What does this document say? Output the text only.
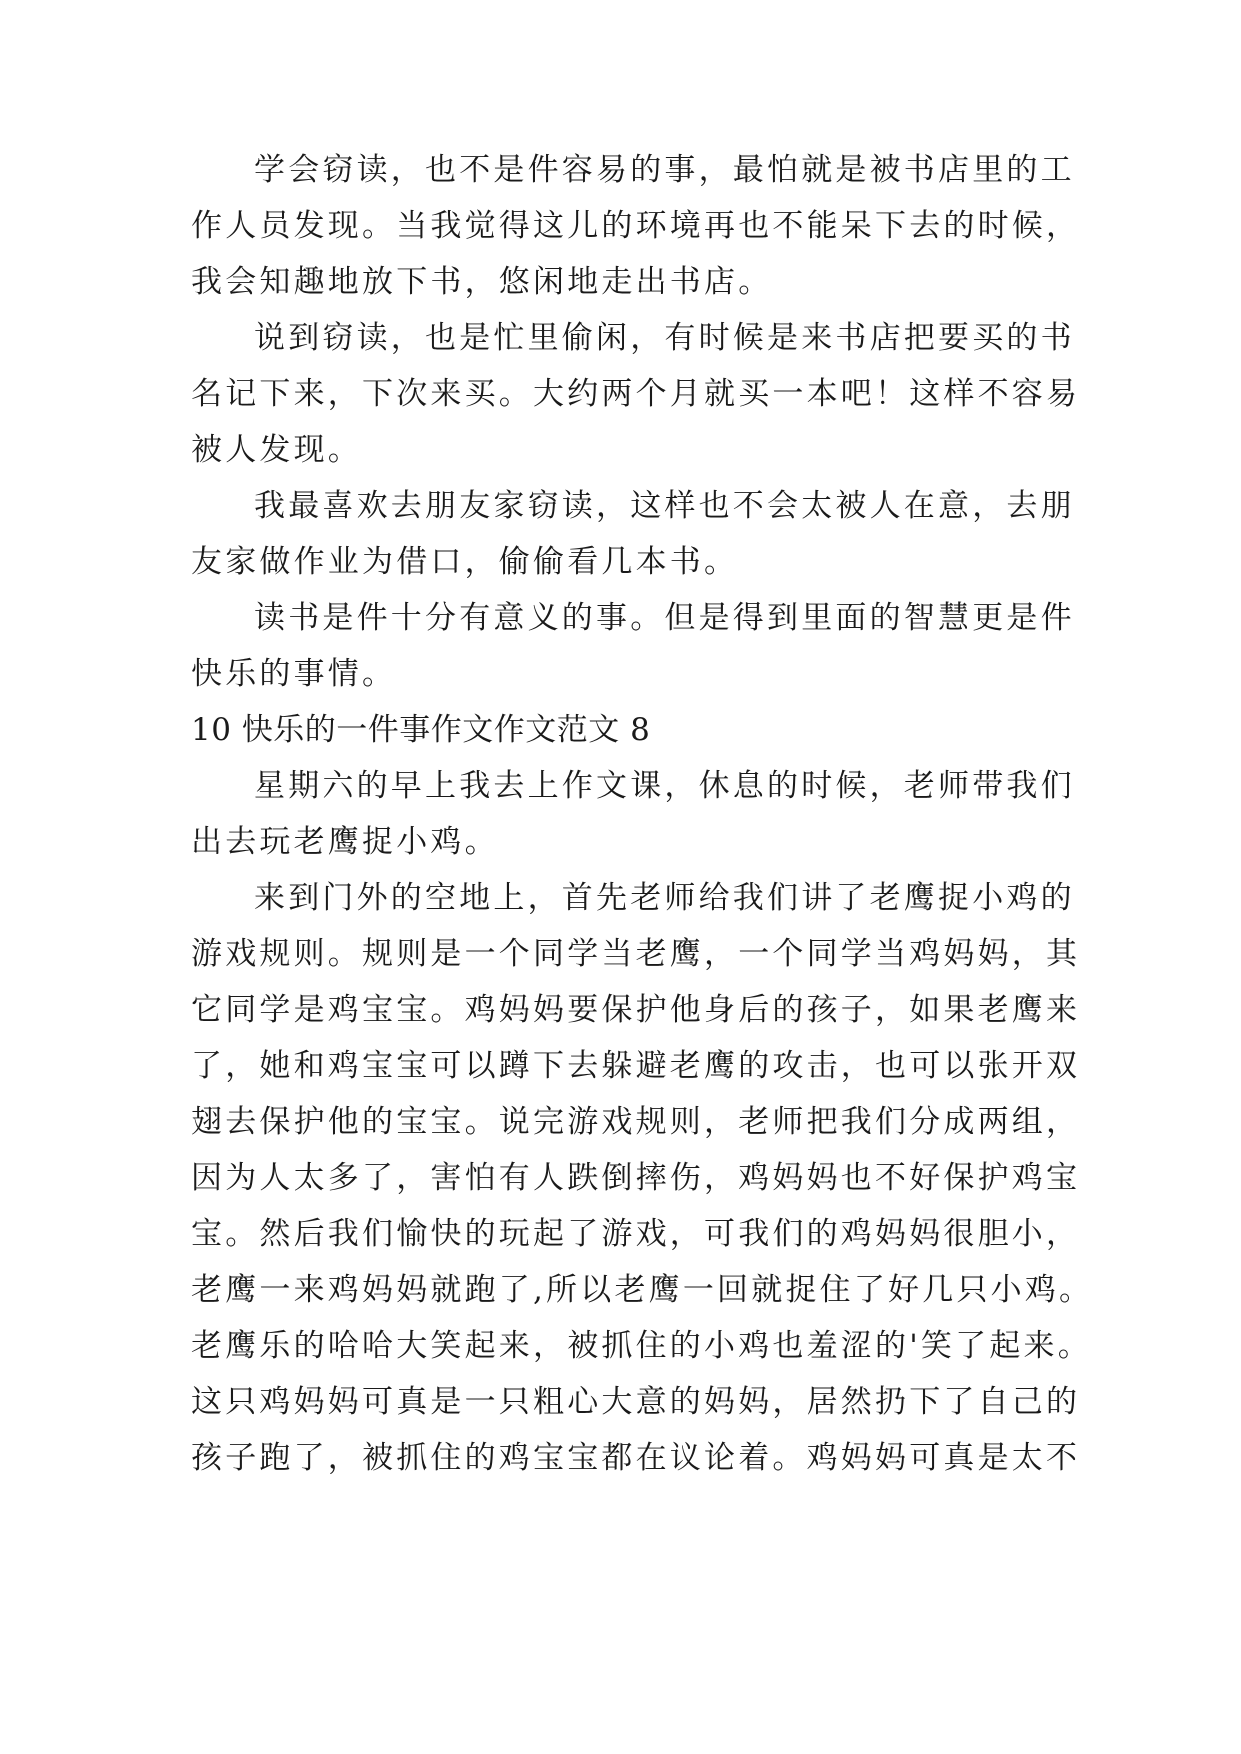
学会窃读，也不是件容易的事，最怕就是被书店里的工
作人员发现。当我觉得这儿的环境再也不能呆下去的时候，
我会知趣地放下书，悠闲地走出书店。
说到窃读，也是忙里偷闲，有时候是来书店把要买的书
名记下来，下次来买。大约两个月就买一本吧！这样不容易
被人发现。
我最喜欢去朋友家窃读，这样也不会太被人在意，去朋
友家做作业为借口，偷偷看几本书。
读书是件十分有意义的事。但是得到里面的智慧更是件
快乐的事情。
10 快乐的一件事作文作文范文 8
星期六的早上我去上作文课，休息的时候，老师带我们
出去玩老鹰捉小鸡。
来到门外的空地上，首先老师给我们讲了老鹰捉小鸡的
游戏规则。规则是一个同学当老鹰，一个同学当鸡妈妈，其
它同学是鸡宝宝。鸡妈妈要保护他身后的孩子，如果老鹰来
了，她和鸡宝宝可以蹲下去躲避老鹰的攻击，也可以张开双
翅去保护他的宝宝。说完游戏规则，老师把我们分成两组，
因为人太多了，害怕有人跌倒摔伤，鸡妈妈也不好保护鸡宝
宝。然后我们愉快的玩起了游戏，可我们的鸡妈妈很胆小，
老鹰一来鸡妈妈就跑了,所以老鹰一回就捉住了好几只小鸡。
老鹰乐的哈哈大笑起来，被抓住的小鸡也羞涩的'笑了起来。
这只鸡妈妈可真是一只粗心大意的妈妈，居然扔下了自己的
孩子跑了，被抓住的鸡宝宝都在议论着。鸡妈妈可真是太不
